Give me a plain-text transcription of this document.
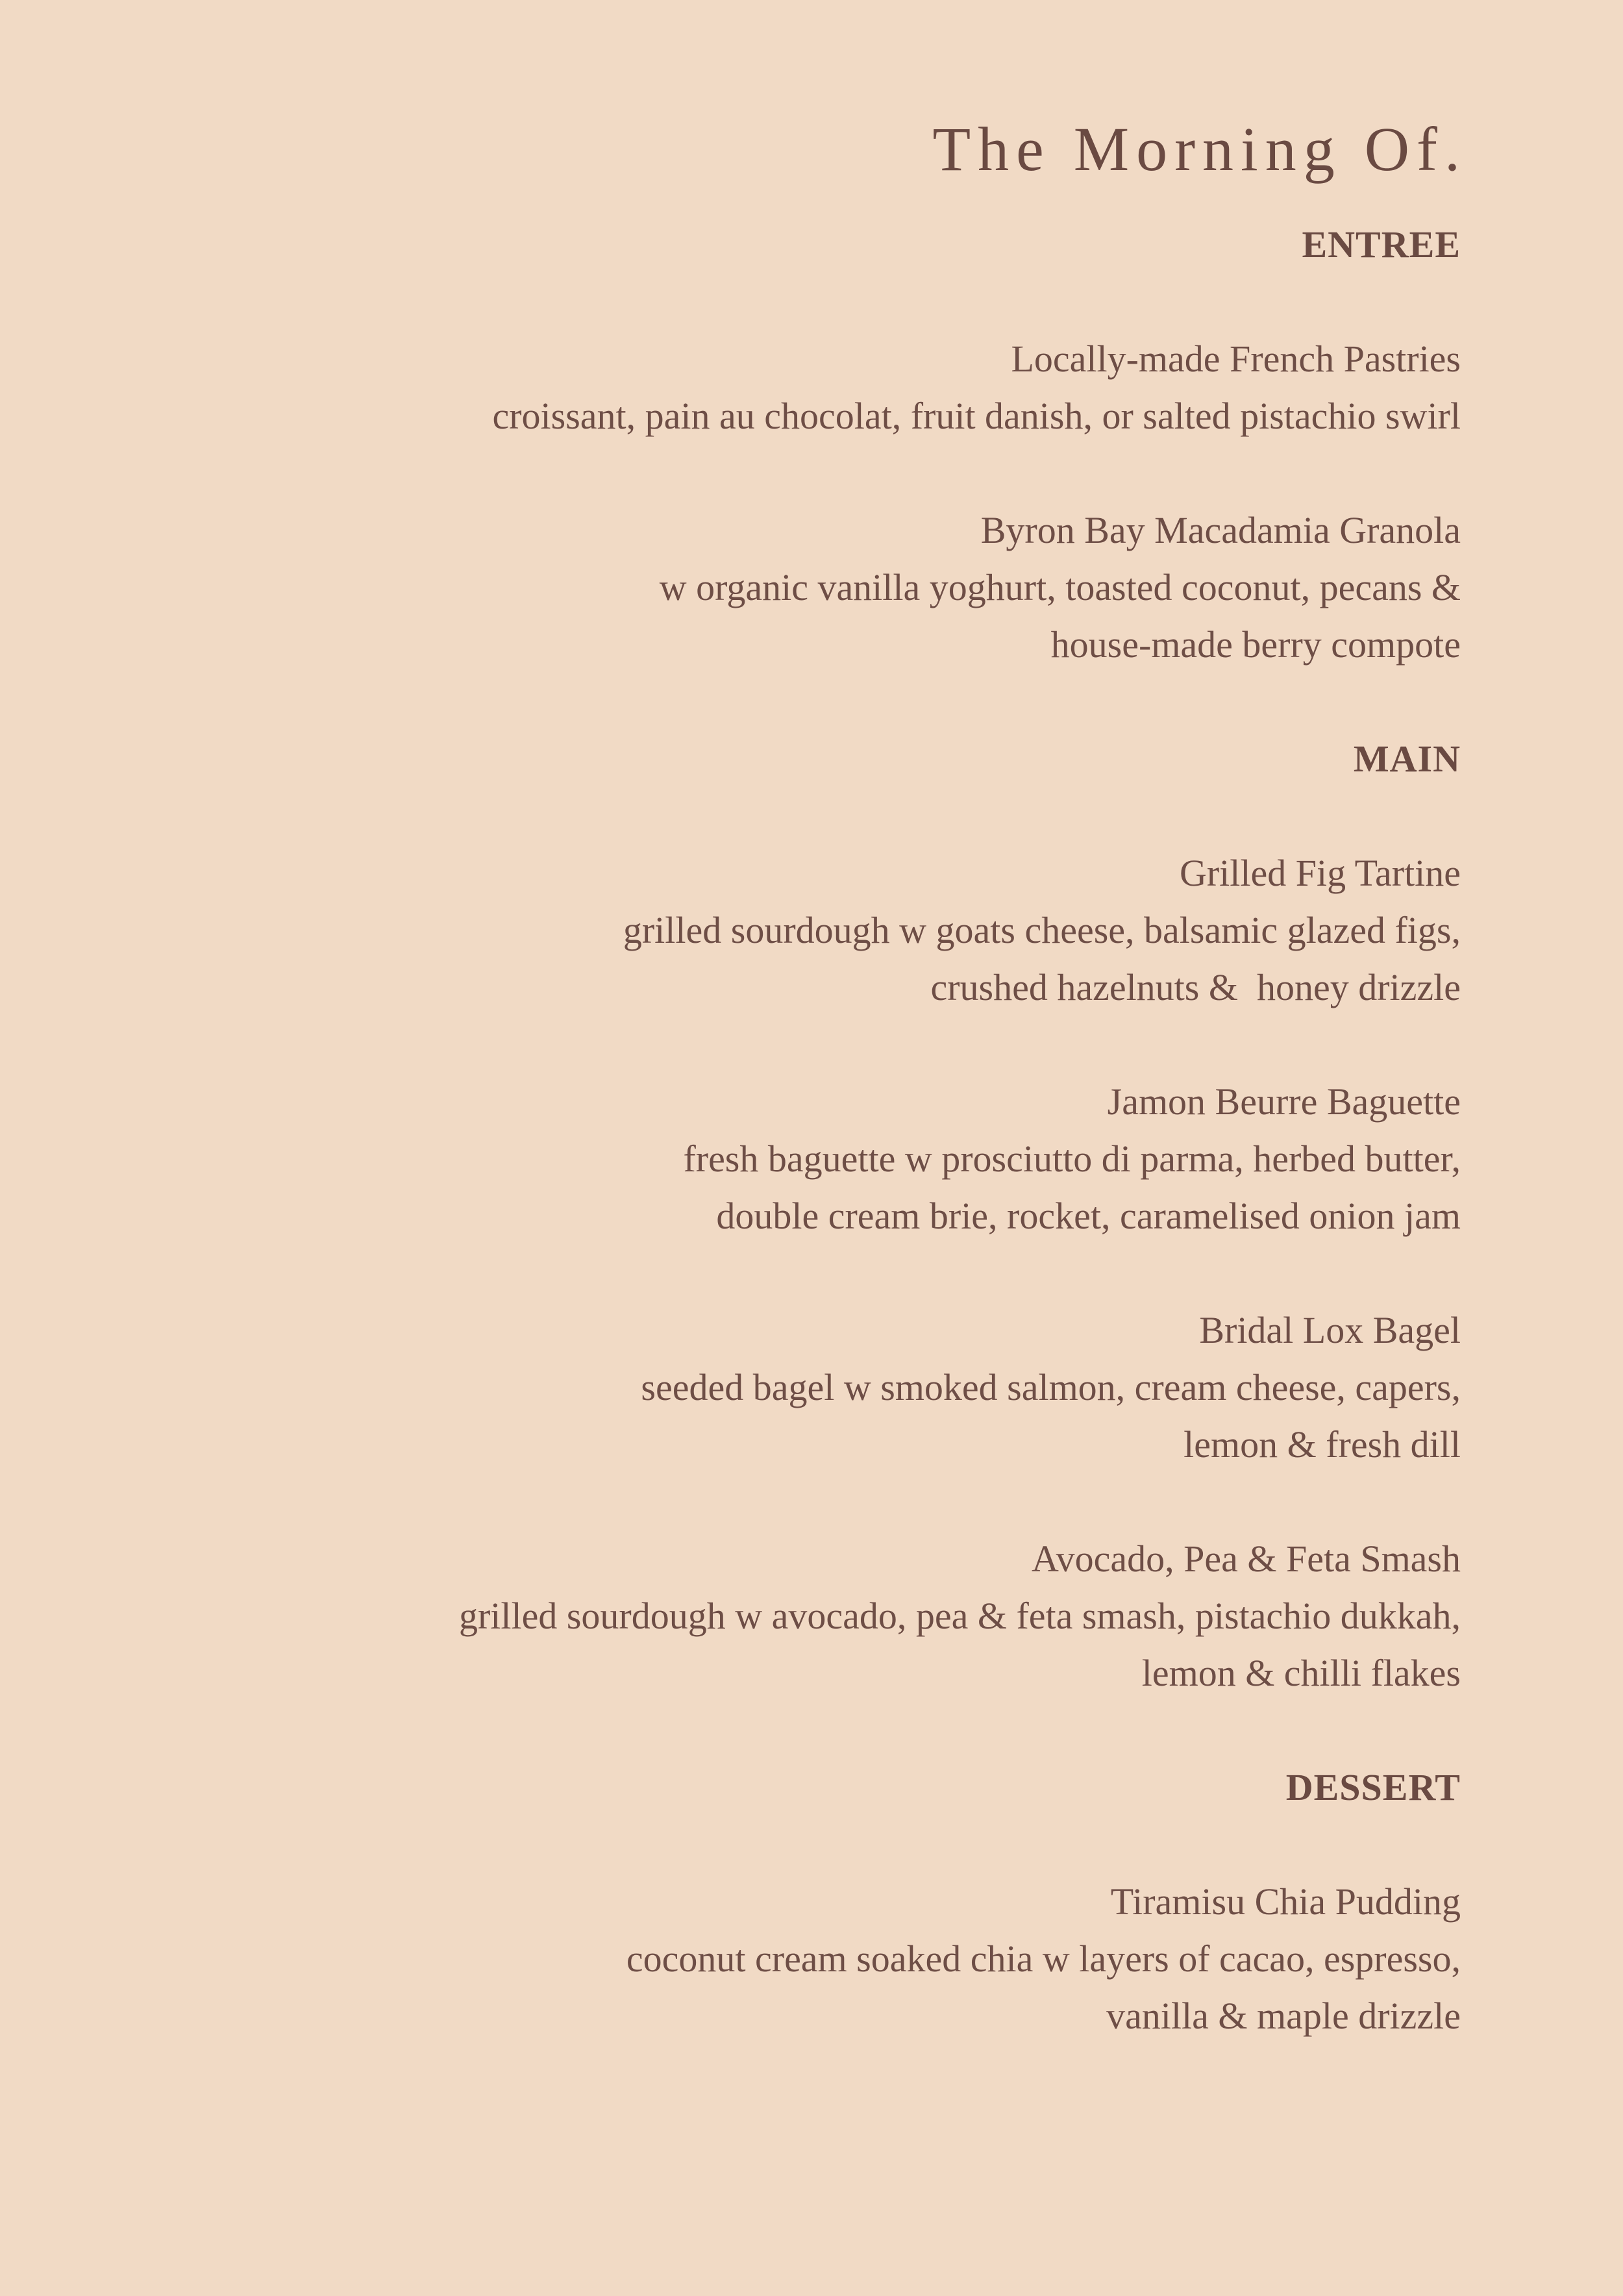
The Morning Of.
ENTREE
Locally-made French Pastries
croissant, pain au chocolat, fruit danish, or salted pistachio swirl
Byron Bay Macadamia Granola
w organic vanilla yoghurt, toasted coconut, pecans &
house-made berry compote
MAIN
Grilled Fig Tartine
grilled sourdough w goats cheese, balsamic glazed figs,
crushed hazelnuts &  honey drizzle
Jamon Beurre Baguette
fresh baguette w prosciutto di parma, herbed butter,
double cream brie, rocket, caramelised onion jam
Bridal Lox Bagel
seeded bagel w smoked salmon, cream cheese, capers,
lemon & fresh dill
Avocado, Pea & Feta Smash
grilled sourdough w avocado, pea & feta smash, pistachio dukkah,
lemon & chilli flakes
DESSERT
Tiramisu Chia Pudding
coconut cream soaked chia w layers of cacao, espresso,
vanilla & maple drizzle
